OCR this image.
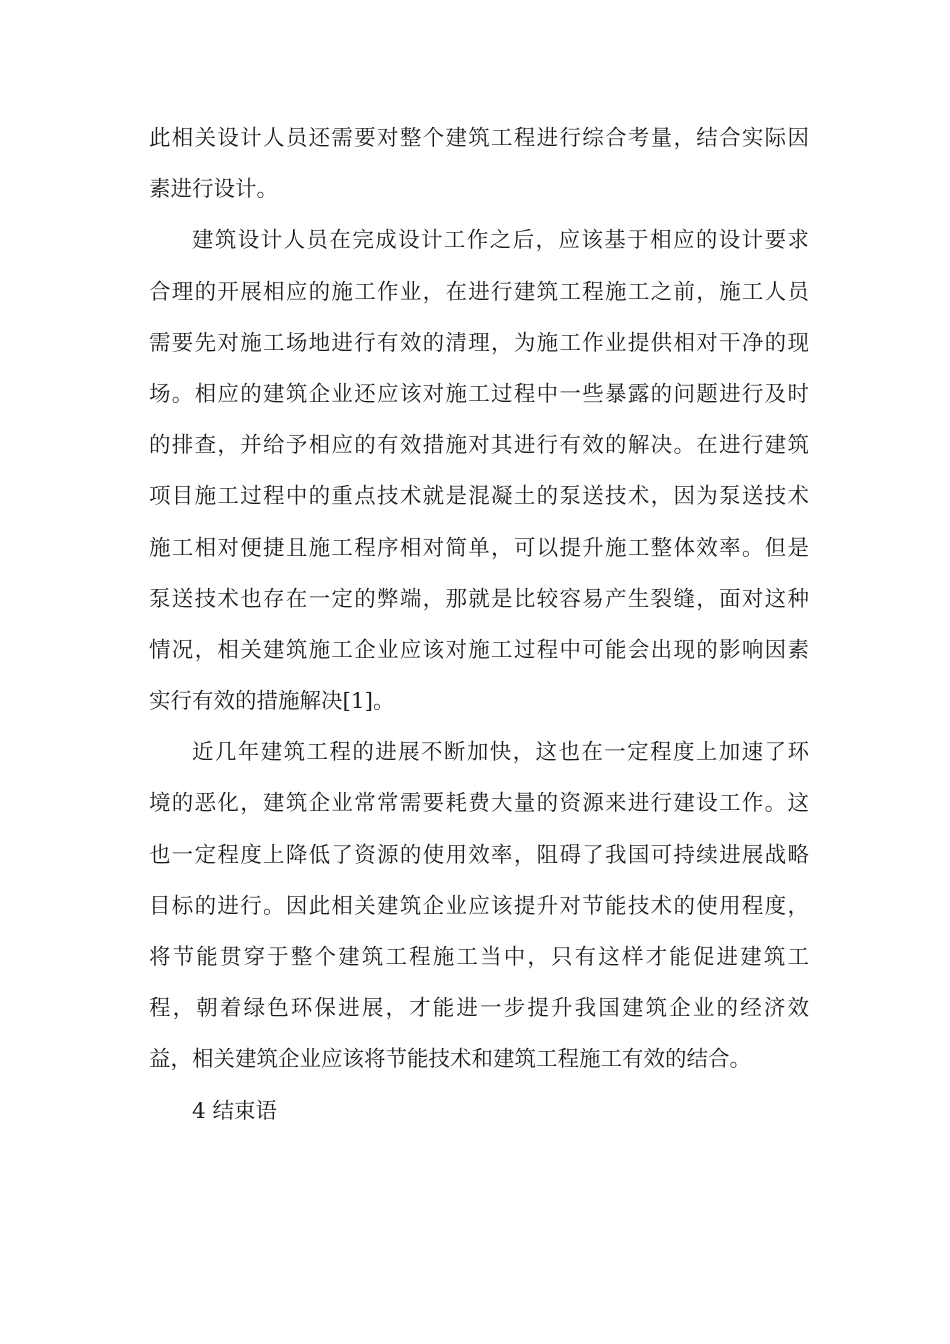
此相关设计人员还需要对整个建筑工程进行综合考量，结合实际因
素进行设计。
建筑设计人员在完成设计工作之后，应该基于相应的设计要求
合理的开展相应的施工作业，在进行建筑工程施工之前，施工人员
需要先对施工场地进行有效的清理，为施工作业提供相对干净的现
场。相应的建筑企业还应该对施工过程中一些暴露的问题进行及时
的排查，并给予相应的有效措施对其进行有效的解决。在进行建筑
项目施工过程中的重点技术就是混凝土的泵送技术，因为泵送技术
施工相对便捷且施工程序相对简单，可以提升施工整体效率。但是
泵送技术也存在一定的弊端，那就是比较容易产生裂缝，面对这种
情况，相关建筑施工企业应该对施工过程中可能会出现的影响因素
实行有效的措施解决[1]。
近几年建筑工程的进展不断加快，这也在一定程度上加速了环
境的恶化，建筑企业常常需要耗费大量的资源来进行建设工作。这
也一定程度上降低了资源的使用效率，阻碍了我国可持续进展战略
目标的进行。因此相关建筑企业应该提升对节能技术的使用程度，
将节能贯穿于整个建筑工程施工当中，只有这样才能促进建筑工
程，朝着绿色环保进展，才能进一步提升我国建筑企业的经济效
益，相关建筑企业应该将节能技术和建筑工程施工有效的结合。
4 结束语
